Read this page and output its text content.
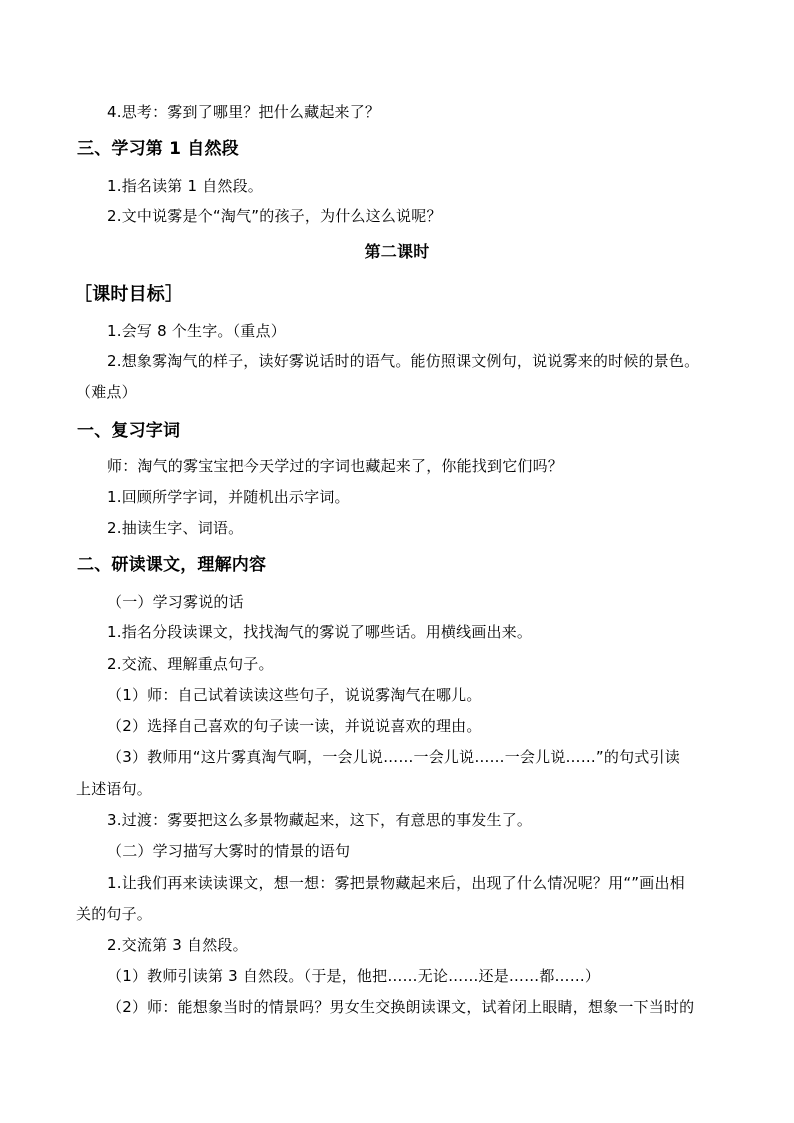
4.思考：雾到了哪里？把什么藏起来了？
三、学习第 1 自然段
1.指名读第 1 自然段。
2.文中说雾是个“淘气”的孩子，为什么这么说呢？
第二课时
［课时目标］
1.会写 8 个生字。（重点）
2.想象雾淘气的样子，读好雾说话时的语气。能仿照课文例句，说说雾来的时候的景色。
（难点）
一、复习字词
师：淘气的雾宝宝把今天学过的字词也藏起来了，你能找到它们吗？
1.回顾所学字词，并随机出示字词。
2.抽读生字、词语。
二、研读课文，理解内容
（一）学习雾说的话
1.指名分段读课文，找找淘气的雾说了哪些话。用横线画出来。
2.交流、理解重点句子。
（1）师：自己试着读读这些句子，说说雾淘气在哪儿。
（2）选择自己喜欢的句子读一读，并说说喜欢的理由。
（3）教师用“这片雾真淘气啊，一会儿说……一会儿说……一会儿说……”的句式引读
上述语句。
3.过渡：雾要把这么多景物藏起来，这下，有意思的事发生了。
（二）学习描写大雾时的情景的语句
1.让我们再来读读课文，想一想：雾把景物藏起来后，出现了什么情况呢？用“”画出相
关的句子。
2.交流第 3 自然段。
（1）教师引读第 3 自然段。（于是，他把……无论……还是……都……）
（2）师：能想象当时的情景吗？男女生交换朗读课文，试着闭上眼睛，想象一下当时的
